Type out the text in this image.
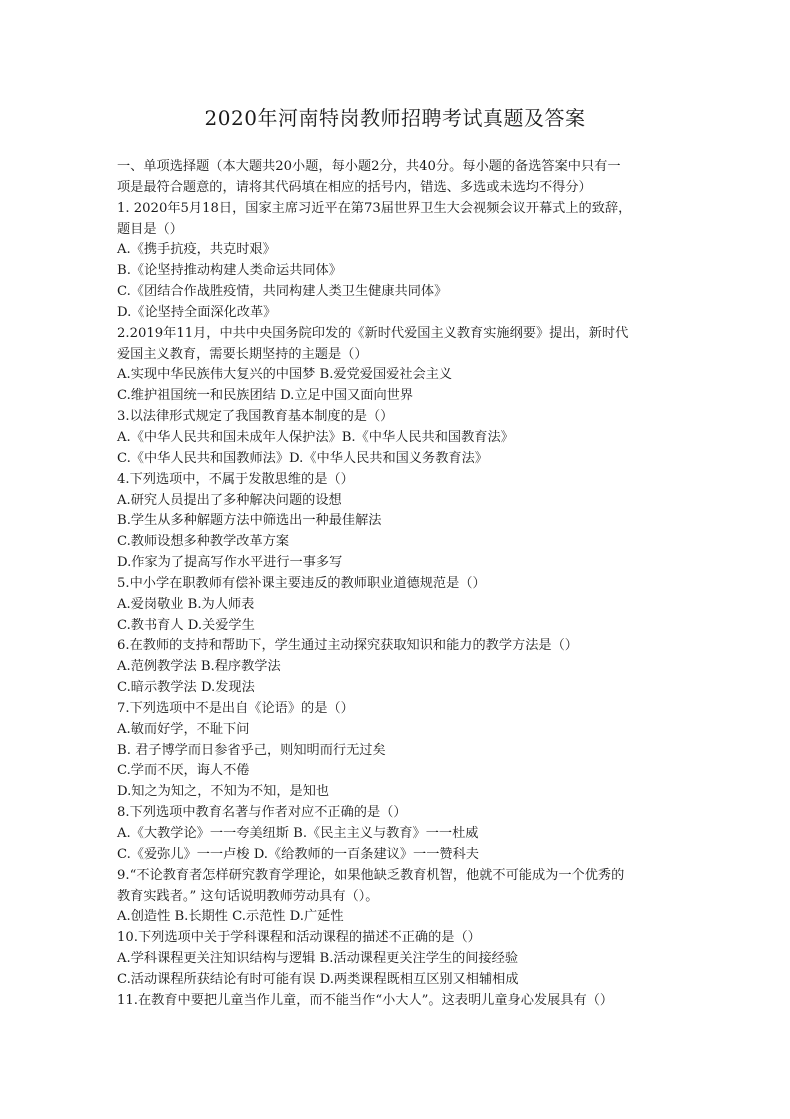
2020年河南特岗教师招聘考试真题及答案
一、单项选择题（本大题共20小题，每小题2分，共40分。每小题的备选答案中只有一
项是最符合题意的，请将其代码填在相应的括号内，错选、多选或未选均不得分）
1. 2020年5月18日，国家主席习近平在第73届世界卫生大会视频会议开幕式上的致辞，
题目是（）
A.《携手抗疫，共克时艰》
B.《论坚持推动构建人类命运共同体》
C.《团结合作战胜疫情，共同构建人类卫生健康共同体》
D.《论坚持全面深化改革》
2.2019年11月，中共中央国务院印发的《新时代爱国主义教育实施纲要》提出，新时代
爱国主义教育，需要长期坚持的主题是（）
A.实现中华民族伟大复兴的中国梦 B.爱党爱国爱社会主义
C.维护祖国统一和民族团结 D.立足中国又面向世界
3.以法律形式规定了我国教育基本制度的是（）
A.《中华人民共和国未成年人保护法》B.《中华人民共和国教育法》
C.《中华人民共和国教师法》D.《中华人民共和国义务教育法》
4.下列选项中，不属于发散思维的是（）
A.研究人员提出了多种解决问题的设想
B.学生从多种解题方法中筛选出一种最佳解法
C.教师设想多种教学改革方案
D.作家为了提高写作水平进行一事多写
5.中小学在职教师有偿补课主要违反的教师职业道德规范是（）
A.爱岗敬业 B.为人师表
C.教书育人 D.关爱学生
6.在教师的支持和帮助下，学生通过主动探究获取知识和能力的教学方法是（）
A.范例教学法 B.程序教学法
C.暗示教学法 D.发现法
7.下列选项中不是出自《论语》的是（）
A.敏而好学，不耻下问
B. 君子博学而日参省乎己，则知明而行无过矣
C.学而不厌，诲人不倦
D.知之为知之，不知为不知，是知也
8.下列选项中教育名著与作者对应不正确的是（）
A.《大教学论》一一夸美纽斯 B.《民主主义与教育》一一杜威
C.《爱弥儿》一一卢梭 D.《给教师的一百条建议》一一赞科夫
9.“不论教育者怎样研究教育学理论，如果他缺乏教育机智，他就不可能成为一个优秀的
教育实践者。” 这句话说明教师劳动具有（）。
A.创造性 B.长期性 C.示范性 D.广延性
10.下列选项中关于学科课程和活动课程的描述不正确的是（）
A.学科课程更关注知识结构与逻辑 B.活动课程更关注学生的间接经验
C.活动课程所获结论有时可能有误 D.两类课程既相互区别又相辅相成
11.在教育中要把儿童当作儿童，而不能当作“小大人”。这表明儿童身心发展具有（）
